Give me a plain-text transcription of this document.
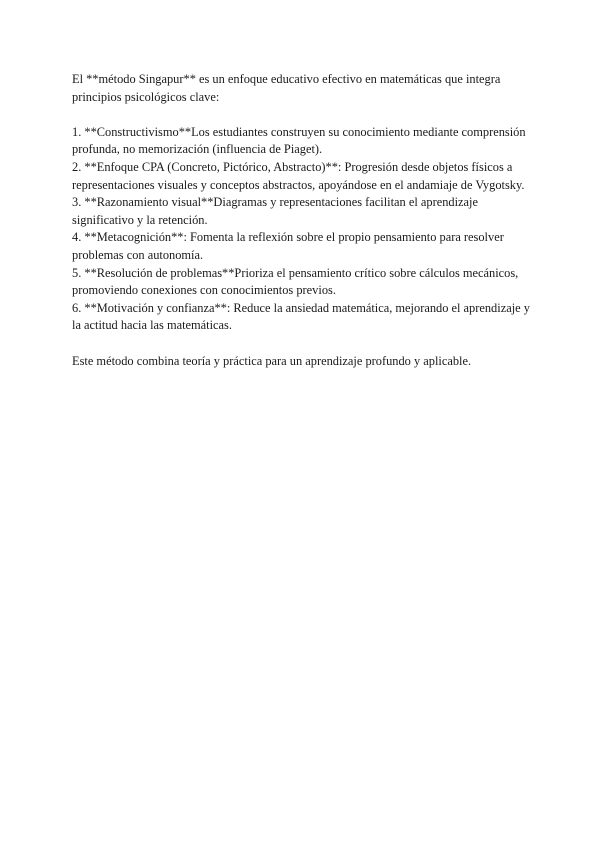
El **método Singapur** es un enfoque educativo efectivo en matemáticas que integra principios psicológicos clave:

1. **Constructivismo**Los estudiantes construyen su conocimiento mediante comprensión profunda, no memorización (influencia de Piaget).

2. **Enfoque CPA (Concreto, Pictórico, Abstracto)**: Progresión desde objetos físicos a representaciones visuales y conceptos abstractos, apoyándose en el andamiaje de Vygotsky.

3. **Razonamiento visual**Diagramas y representaciones facilitan el aprendizaje significativo y la retención.

4. **Metacognición**: Fomenta la reflexión sobre el propio pensamiento para resolver problemas con autonomía.

5. **Resolución de problemas**Prioriza el pensamiento crítico sobre cálculos mecánicos, promoviendo conexiones con conocimientos previos.

6. **Motivación y confianza**: Reduce la ansiedad matemática, mejorando el aprendizaje y la actitud hacia las matemáticas.

Este método combina teoría y práctica para un aprendizaje profundo y aplicable.
